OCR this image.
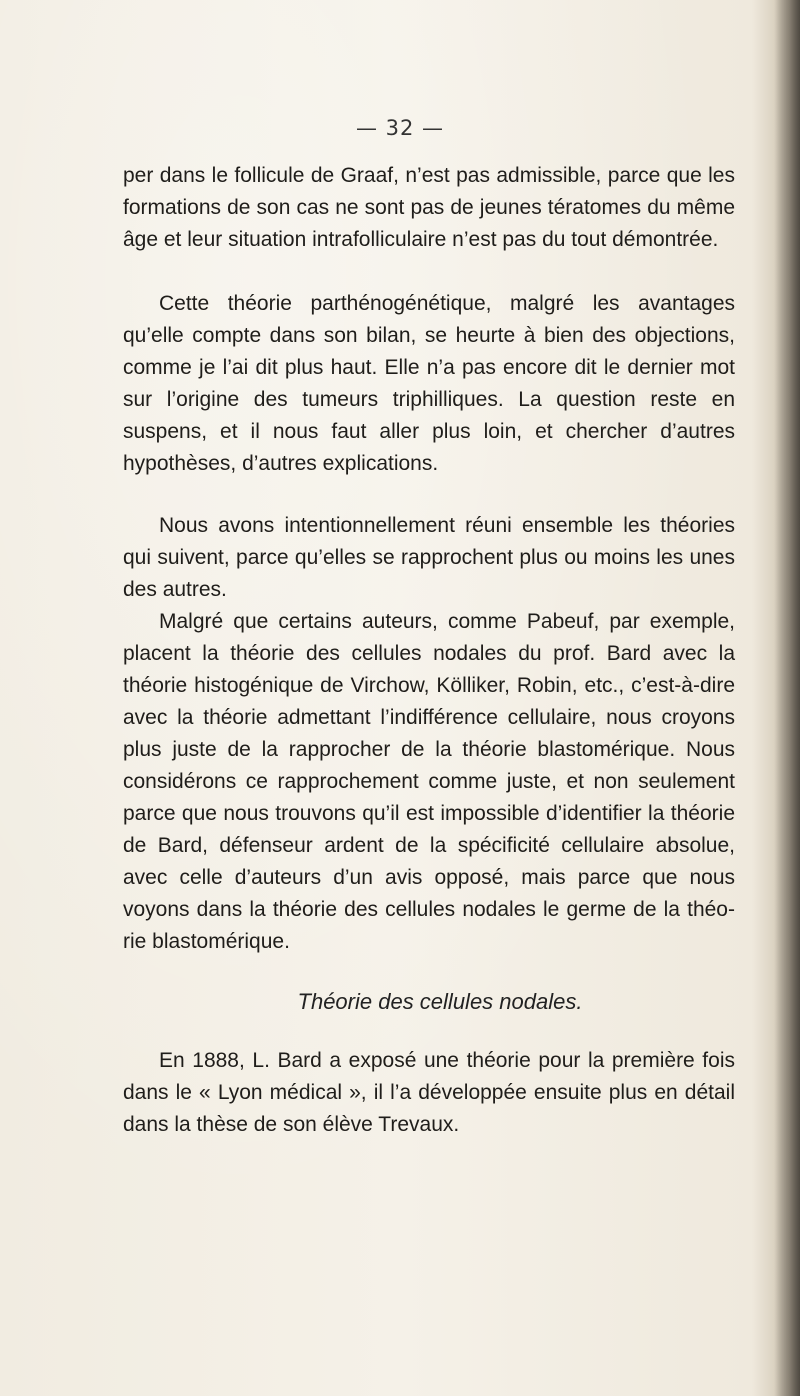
— 32 —

per dans le follicule de Graaf, n’est pas admissible, parce que les formations de son cas ne sont pas de jeunes tératomes du même âge et leur situation intrafolliculaire n’est pas du tout démontrée.

Cette théorie parthénogénétique, malgré les avantages qu’elle compte dans son bilan, se heurte à bien des objections, comme je l’ai dit plus haut. Elle n’a pas encore dit le dernier mot sur l’origine des tumeurs triphilliques. La question reste en suspens, et il nous faut aller plus loin, et chercher d’autres hypothèses, d’autres explications.

Nous avons intentionnellement réuni ensemble les théories qui suivent, parce qu’elles se rapprochent plus ou moins les unes des autres.

Malgré que certains auteurs, comme Pabeuf, par exemple, placent la théorie des cellules nodales du prof. Bard avec la théorie histogénique de Virchow, Kölliker, Robin, etc., c’est-à-dire avec la théorie admettant l’indifférence cellulaire, nous croyons plus juste de la rapprocher de la théorie blastomérique. Nous considérons ce rapprochement comme juste, et non seulement parce que nous trouvons qu’il est impossible d’identifier la théorie de Bard, défenseur ardent de la spécificité cellulaire absolue, avec celle d’auteurs d’un avis opposé, mais parce que nous voyons dans la théorie des cellules nodales le germe de la théorie blastomérique.

Théorie des cellules nodales.

En 1888, L. Bard a exposé une théorie pour la première fois dans le « Lyon médical », il l’a développée ensuite plus en détail dans la thèse de son élève Trevaux.
